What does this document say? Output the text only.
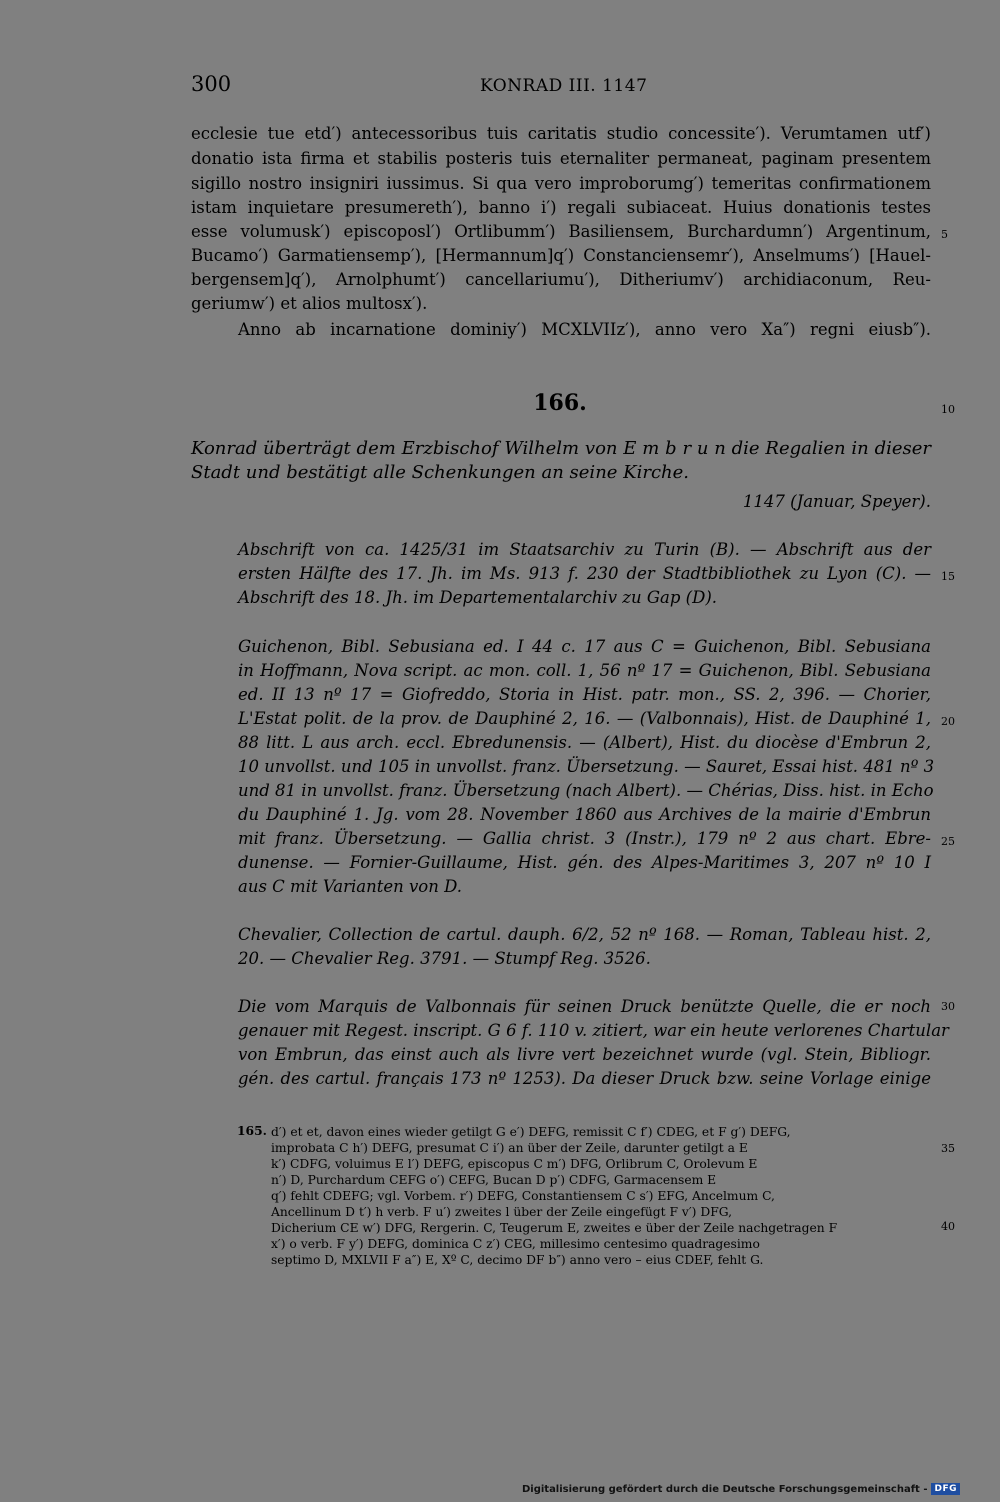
300	KONRAD III. 1147
ecclesie tue etd′) antecessoribus tuis caritatis studio concessite′). Verumtamen utf′)
donatio ista firma et stabilis posteris tuis eternaliter permaneat, paginam presentem
sigillo nostro insigniri iussimus. Si qua vero improborumg′) temeritas confirmationem
istam inquietare presumereth′), banno i′) regali subiaceat. Huius donationis testes
esse volumusk′) episcoposl′) Ortlibumm′) Basiliensem, Burchardumn′) Argentinum,
Bucamo′) Garmatiensemp′), [Hermannum]q′) Constanciensemr′), Anselmums′) [Hauel-
bergensem]q′), Arnolphumt′) cancellariumu′), Ditheriumv′) archidiaconum, Reu-
geriumw′) et alios multosx′).
Anno ab incarnatione dominiy′) MCXLVIIz′), anno vero Xa″) regni eiusb″).
166.
Konrad überträgt dem Erzbischof Wilhelm von E m b r u n die Regalien in dieser
Stadt und bestätigt alle Schenkungen an seine Kirche.
1147 (Januar, Speyer).
Abschrift von ca. 1425/31 im Staatsarchiv zu Turin (B). — Abschrift aus der
ersten Hälfte des 17. Jh. im Ms. 913 f. 230 der Stadtbibliothek zu Lyon (C). —
Abschrift des 18. Jh. im Departementalarchiv zu Gap (D).
Guichenon, Bibl. Sebusiana ed. I 44 c. 17 aus C = Guichenon, Bibl. Sebusiana
in Hoffmann, Nova script. ac mon. coll. 1, 56 nº 17 = Guichenon, Bibl. Sebusiana
ed. II 13 nº 17 = Giofreddo, Storia in Hist. patr. mon., SS. 2, 396. — Chorier,
L'Estat polit. de la prov. de Dauphiné 2, 16. — (Valbonnais), Hist. de Dauphiné 1,
88 litt. L aus arch. eccl. Ebredunensis. — (Albert), Hist. du diocèse d'Embrun 2,
10 unvollst. und 105 in unvollst. franz. Übersetzung. — Sauret, Essai hist. 481 nº 3
und 81 in unvollst. franz. Übersetzung (nach Albert). — Chérias, Diss. hist. in Echo
du Dauphiné 1. Jg. vom 28. November 1860 aus Archives de la mairie d'Embrun
mit franz. Übersetzung. — Gallia christ. 3 (Instr.), 179 nº 2 aus chart. Ebre-
dunense. — Fornier-Guillaume, Hist. gén. des Alpes-Maritimes 3, 207 nº 10 I
aus C mit Varianten von D.
Chevalier, Collection de cartul. dauph. 6/2, 52 nº 168. — Roman, Tableau hist. 2,
20. — Chevalier Reg. 3791. — Stumpf Reg. 3526.
Die vom Marquis de Valbonnais für seinen Druck benützte Quelle, die er noch
genauer mit Regest. inscript. G 6 f. 110 v. zitiert, war ein heute verlorenes Chartular
von Embrun, das einst auch als livre vert bezeichnet wurde (vgl. Stein, Bibliogr.
gén. des cartul. français 173 nº 1253). Da dieser Druck bzw. seine Vorlage einige
5
10
15
20
25
30
35
40
165. d′) et et, davon eines wieder getilgt G e′) DEFG, remissit C f′) CDEG, et F g′) DEFG,
improbata C h′) DEFG, presumat C i′) an über der Zeile, darunter getilgt a E
k′) CDFG, voluimus E l′) DEFG, episcopus C m′) DFG, Orlibrum C, Orolevum E
n′) D, Purchardum CEFG o′) CEFG, Bucan D p′) CDFG, Garmacensem E
q′) fehlt CDEFG; vgl. Vorbem. r′) DEFG, Constantiensem C s′) EFG, Ancelmum C,
Ancellinum D t′) h verb. F u′) zweites l über der Zeile eingefügt F v′) DFG,
Dicherium CE w′) DFG, Rergerin. C, Teugerum E, zweites e über der Zeile nachgetragen F
x′) o verb. F y′) DEFG, dominica C z′) CEG, millesimo centesimo quadragesimo
septimo D, MXLVII F a″) E, Xº C, decimo DF b″) anno vero – eius CDEF, fehlt G.
Digitalisierung gefördert durch die Deutsche Forschungsgemeinschaft - DFG
